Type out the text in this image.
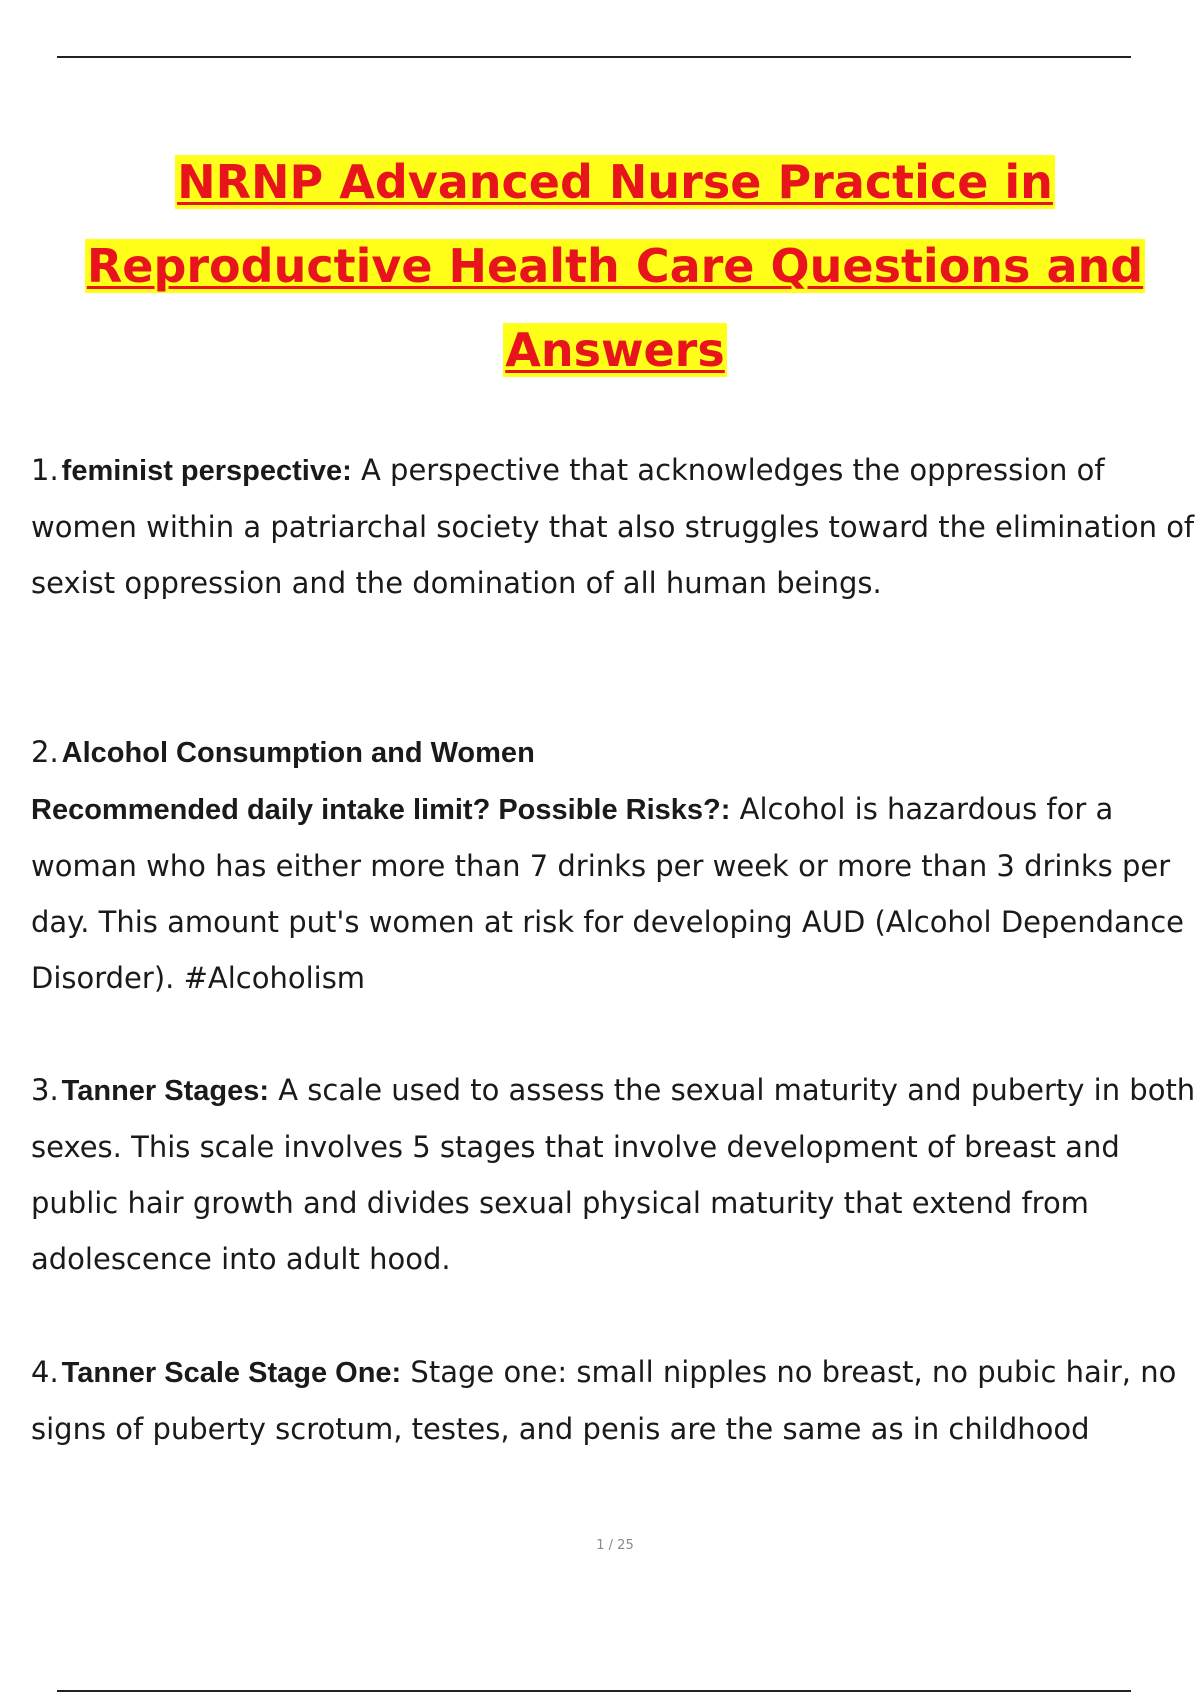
NRNP Advanced Nurse Practice in
Reproductive Health Care Questions and
Answers
1. feminist perspective: A perspective that acknowledges the oppression of women within a patriarchal society that also struggles toward the elimination of sexist oppression and the domination of all human beings.
2. Alcohol Consumption and Women
Recommended daily intake limit? Possible Risks?: Alcohol is hazardous for a woman who has either more than 7 drinks per week or more than 3 drinks per day. This amount put's women at risk for developing AUD (Alcohol Dependance Disorder). #Alcoholism
3. Tanner Stages: A scale used to assess the sexual maturity and puberty in both sexes. This scale involves 5 stages that involve development of breast and public hair growth and divides sexual physical maturity that extend from adolescence into adult hood.
4. Tanner Scale Stage One: Stage one: small nipples no breast, no pubic hair, no signs of puberty scrotum, testes, and penis are the same as in childhood
1 / 25
